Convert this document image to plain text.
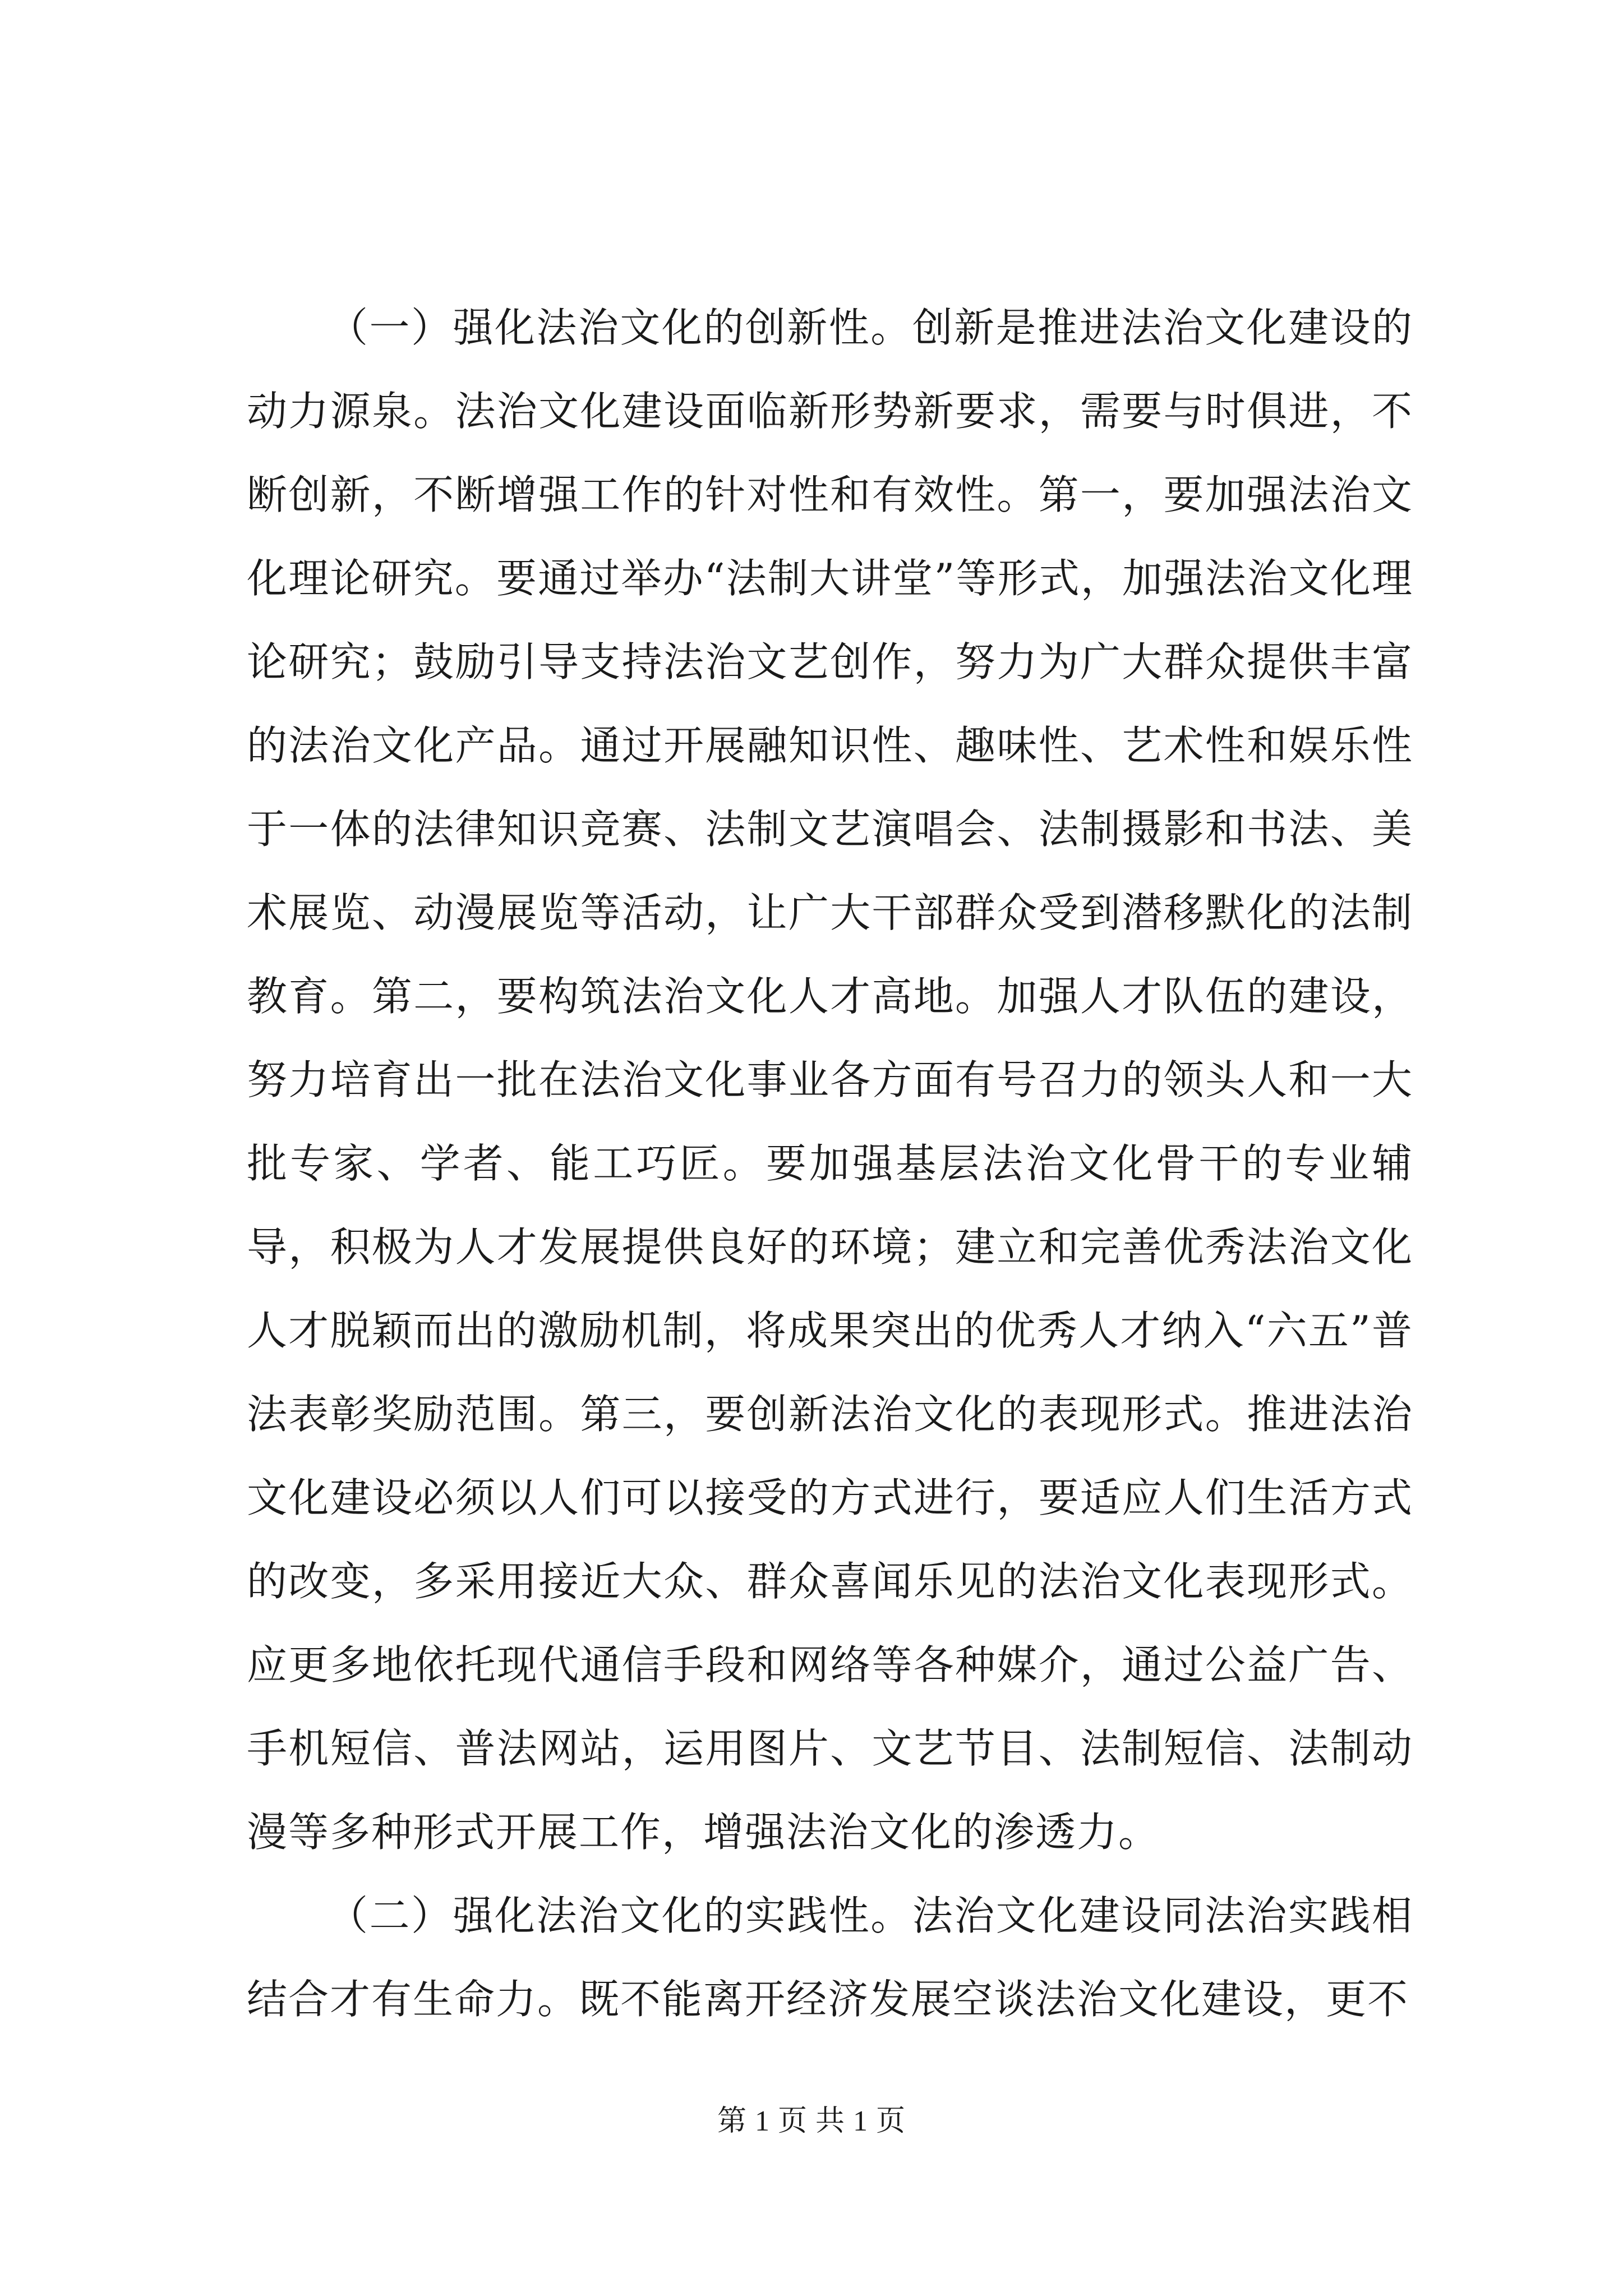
（一）强化法治文化的创新性。创新是推进法治文化建设的动力源泉。法治文化建设面临新形势新要求，需要与时俱进，不断创新，不断增强工作的针对性和有效性。第一，要加强法治文化理论研究。要通过举办“法制大讲堂”等形式，加强法治文化理论研究；鼓励引导支持法治文艺创作，努力为广大群众提供丰富的法治文化产品。通过开展融知识性、趣味性、艺术性和娱乐性于一体的法律知识竞赛、法制文艺演唱会、法制摄影和书法、美术展览、动漫展览等活动，让广大干部群众受到潜移默化的法制教育。第二，要构筑法治文化人才高地。加强人才队伍的建设，努力培育出一批在法治文化事业各方面有号召力的领头人和一大批专家、学者、能工巧匠。要加强基层法治文化骨干的专业辅导，积极为人才发展提供良好的环境；建立和完善优秀法治文化人才脱颖而出的激励机制，将成果突出的优秀人才纳入“六五”普法表彰奖励范围。第三，要创新法治文化的表现形式。推进法治文化建设必须以人们可以接受的方式进行，要适应人们生活方式的改变，多采用接近大众、群众喜闻乐见的法治文化表现形式。应更多地依托现代通信手段和网络等各种媒介，通过公益广告、手机短信、普法网站，运用图片、文艺节目、法制短信、法制动漫等多种形式开展工作，增强法治文化的渗透力。

（二）强化法治文化的实践性。法治文化建设同法治实践相结合才有生命力。既不能离开经济发展空谈法治文化建设，更不

第 1 页 共 1 页
